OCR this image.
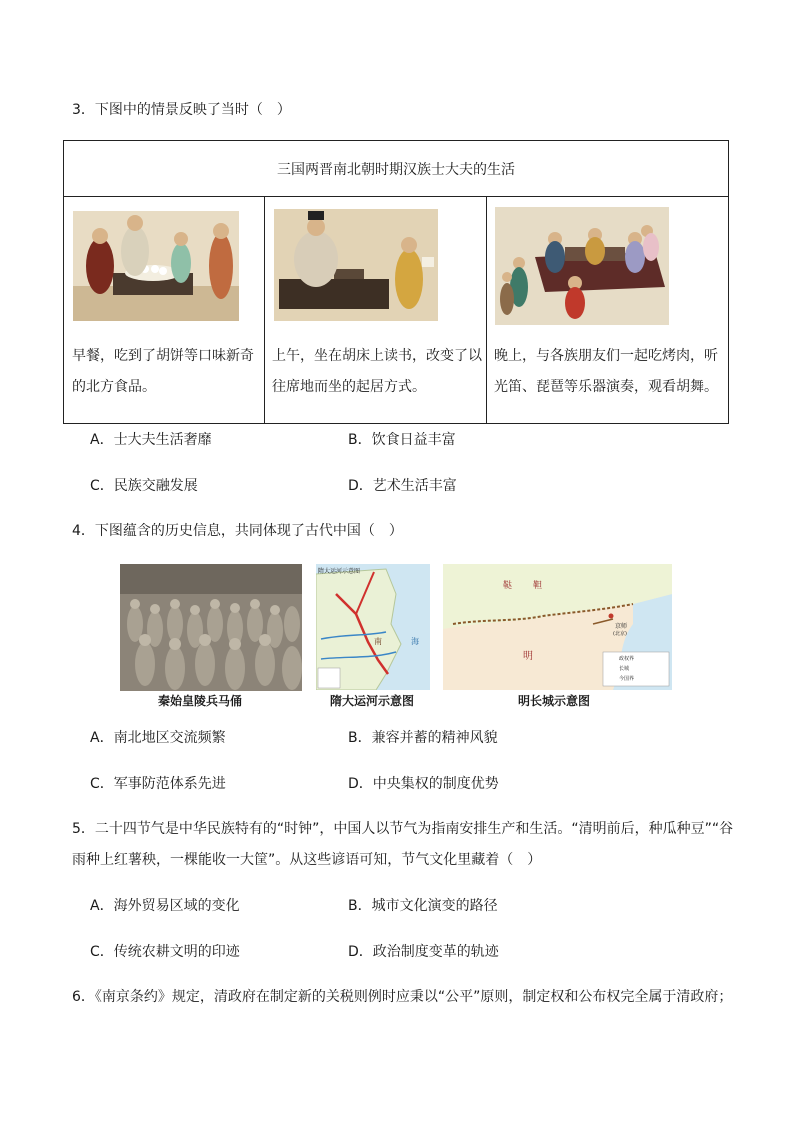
3．下图中的情景反映了当时（　）
三国两晋南北朝时期汉族士大夫的生活
早餐，吃到了胡饼等口味新奇的北方食品。
上午，坐在胡床上读书，改变了以往席地而坐的起居方式。
晚上，与各族朋友们一起吃烤肉，听光笛、琵琶等乐器演奏，观看胡舞。
A．士大夫生活奢靡	B．饮食日益丰富
C．民族交融发展	D．艺术生活丰富
4．下图蕴含的历史信息，共同体现了古代中国（　）
秦始皇陵兵马俑
隋大运河示意图
南	海
隋大运河示意图
鞑 靼
明
京师
(北京)
政权界
长城
今国界
明长城示意图
A．南北地区交流频繁	B．兼容并蓄的精神风貌
C．军事防范体系先进	D．中央集权的制度优势
5．二十四节气是中华民族特有的“时钟”，中国人以节气为指南安排生产和生活。“清明前后，种瓜种豆”“谷
雨种上红薯秧，一棵能收一大筐”。从这些谚语可知，节气文化里藏着（　）
A．海外贸易区域的变化	B．城市文化演变的路径
C．传统农耕文明的印迹	D．政治制度变革的轨迹
6．《南京条约》规定，清政府在制定新的关税则例时应秉以“公平”原则，制定权和公布权完全属于清政府；
